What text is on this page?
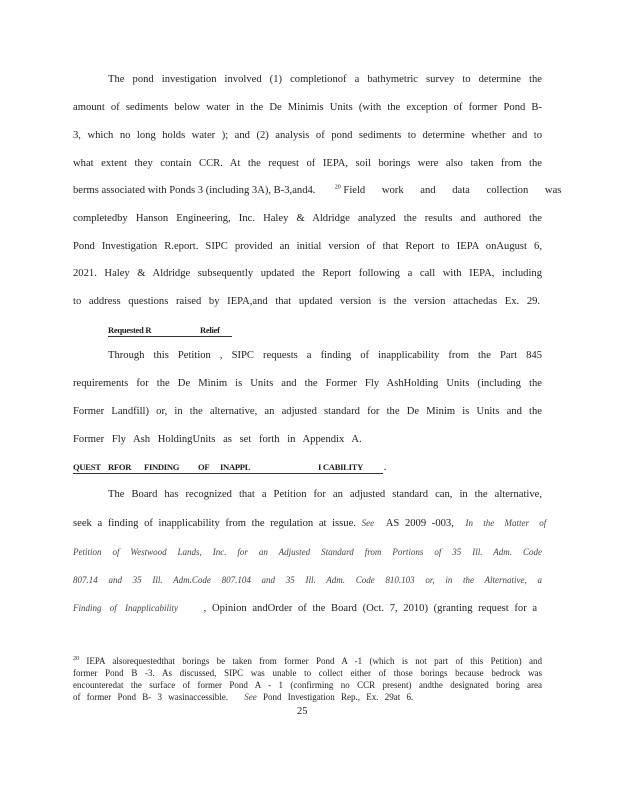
The pond investigation involved (1) completionof a bathymetric survey to determine the
amount of sediments below water in the De Minimis Units (with the exception of former Pond B-
3, which no long holds water ); and (2) analysis of pond sediments to determine whether and to
what extent they contain CCR. At the request of IEPA, soil borings were also taken from the
berms associated with Ponds 3 (including 3A), B-3,and4.	$^{20}$ Field work and data collection was
completedby Hanson Engineering, Inc. Haley & Aldridge analyzed the results and authored the
Pond Investigation R.eport. SIPC provided an initial version of that Report to IEPA onAugust 6,
2021. Haley & Aldridge subsequently updated the Report following a call with IEPA, including
to address questions raised by IEPA,and that updated version is the version attachedas Ex. 29.
Requested R	Relief
Through this Petition , SIPC requests a finding of inapplicability from the Part 845
requirements for the De Minim is Units and the Former Fly AshHolding Units (including the
Former Landfill) or, in the alternative, an adjusted standard for the De Minim is Units and the
Former Fly Ash HoldingUnits as set forth in Appendix A.
QUEST RFOR FINDING OF INAPPL	I CABILITY .
The Board has recognized that a Petition for an adjusted standard can, in the alternative,
seek a finding of inapplicability from the regulation at issue. See AS 2009 -003, In the Matter of
Petition of Westwood Lands, Inc. for an Adjusted Standard from Portions of 35 Ill. Adm. Code
807.14 and 35 Ill. Adm.Code 807.104 and 35 Ill. Adm. Code 810.103 or, in the Alternative, a
Finding of Inapplicability , Opinion andOrder of the Board (Oct. 7, 2010) (granting request for a
$^{20}$ IEPA alsorequestedthat borings be taken from former Pond A -1 (which is not part of this Petition) and
former Pond B -3. As discussed, SIPC was unable to collect either of those borings because bedrock was
encounteredat the surface of former Pond A - 1 (confirming no CCR present) andthe designated boring area
of former Pond B- 3 wasinaccessible. See Pond Investigation Rep., Ex. 29at 6.
25
